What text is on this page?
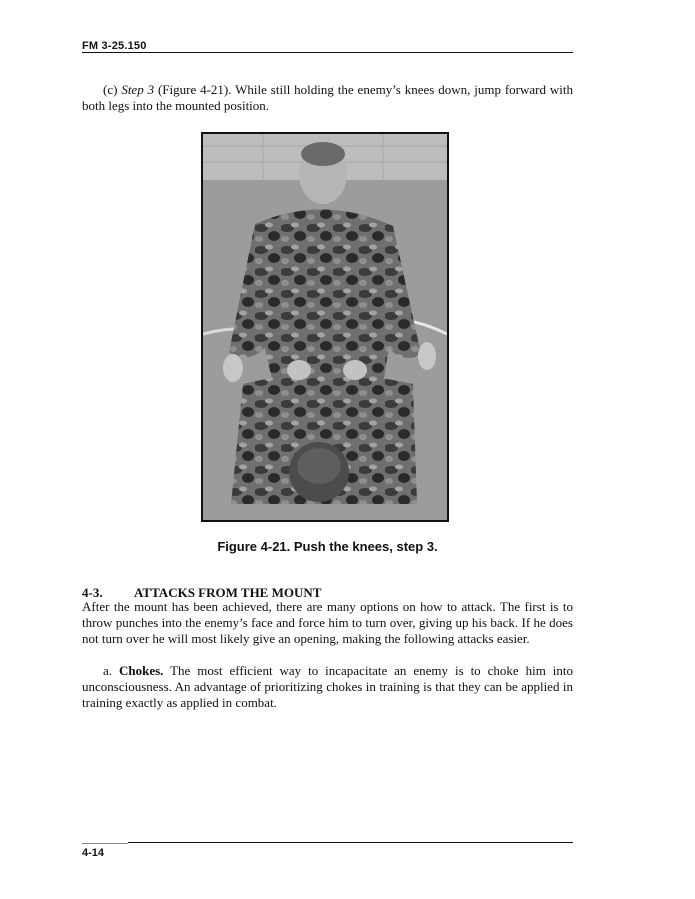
FM 3-25.150

(c) Step 3 (Figure 4-21). While still holding the enemy’s knees down, jump forward with both legs into the mounted position.

Figure 4-21. Push the knees, step 3.
4-3. ATTACKS FROM THE MOUNT

After the mount has been achieved, there are many options on how to attack. The first is to throw punches into the enemy’s face and force him to turn over, giving up his back. If he does not turn over he will most likely give an opening, making the following attacks easier.

a. Chokes. The most efficient way to incapacitate an enemy is to choke him into unconsciousness. An advantage of prioritizing chokes in training is that they can be applied in training exactly as applied in combat.

4-14
